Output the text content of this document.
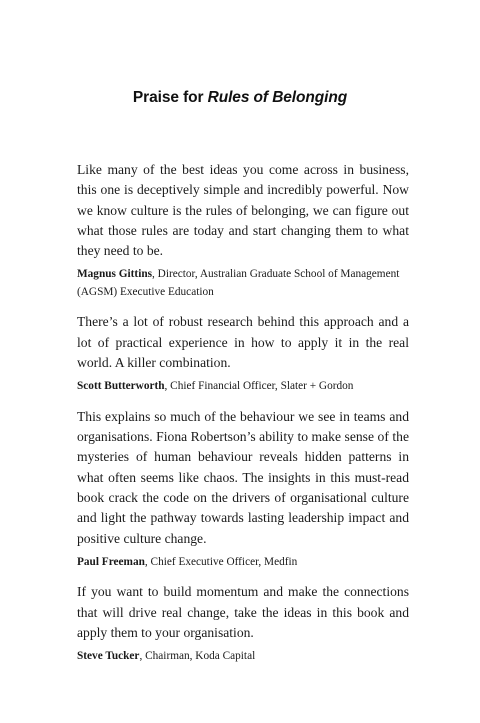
Praise for Rules of Belonging

Like many of the best ideas you come across in business, this one is deceptively simple and incredibly powerful. Now we know culture is the rules of belonging, we can figure out what those rules are today and start changing them to what they need to be.

Magnus Gittins, Director, Australian Graduate School of Management (AGSM) Executive Education

There’s a lot of robust research behind this approach and a lot of practical experience in how to apply it in the real world. A killer combination.

Scott Butterworth, Chief Financial Officer, Slater + Gordon

This explains so much of the behaviour we see in teams and organisations. Fiona Robertson’s ability to make sense of the mysteries of human behaviour reveals hidden patterns in what often seems like chaos. The insights in this must-read book crack the code on the drivers of organisational culture and light the pathway towards lasting leadership impact and positive culture change.

Paul Freeman, Chief Executive Officer, Medfin

If you want to build momentum and make the connections that will drive real change, take the ideas in this book and apply them to your organisation.

Steve Tucker, Chairman, Koda Capital
